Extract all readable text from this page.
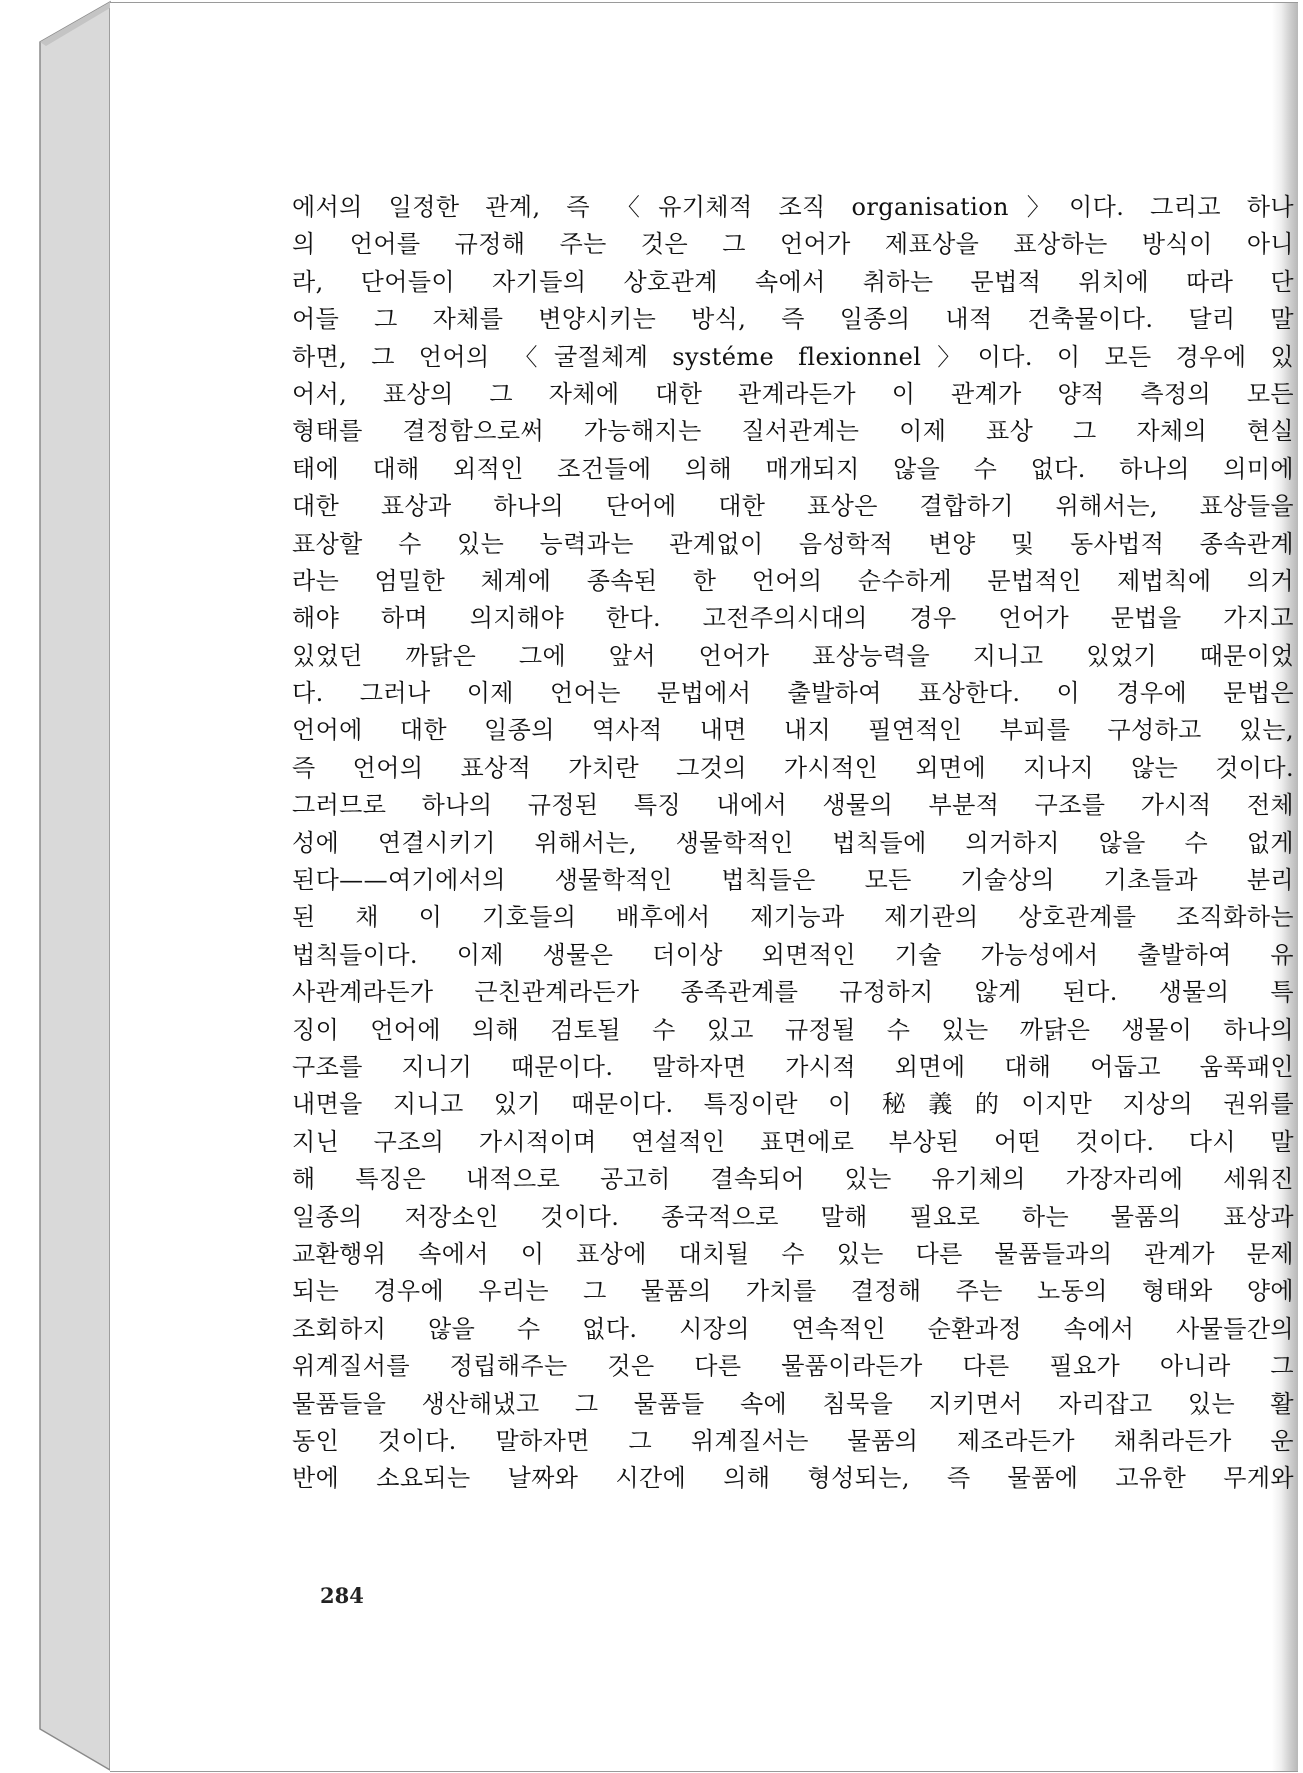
에서의 일정한 관계, 즉 〈유기체적 조직 organisation〉이다. 그리고 하나
의 언어를 규정해 주는 것은 그 언어가 제표상을 표상하는 방식이 아니
라, 단어들이 자기들의 상호관계 속에서 취하는 문법적 위치에 따라 단
어들 그 자체를 변양시키는 방식, 즉 일종의 내적 건축물이다. 달리 말
하면, 그 언어의 〈굴절체계 systéme flexionnel〉이다. 이 모든 경우에 있
어서, 표상의 그 자체에 대한 관계라든가 이 관계가 양적 측정의 모든
형태를 결정함으로써 가능해지는 질서관계는 이제 표상 그 자체의 현실
태에 대해 외적인 조건들에 의해 매개되지 않을 수 없다. 하나의 의미에
대한 표상과 하나의 단어에 대한 표상은 결합하기 위해서는, 표상들을
표상할 수 있는 능력과는 관계없이 음성학적 변양 및 동사법적 종속관계
라는 엄밀한 체계에 종속된 한 언어의 순수하게 문법적인 제법칙에 의거
해야 하며 의지해야 한다. 고전주의시대의 경우 언어가 문법을 가지고
있었던 까닭은 그에 앞서 언어가 표상능력을 지니고 있었기 때문이었
다. 그러나 이제 언어는 문법에서 출발하여 표상한다. 이 경우에 문법은
언어에 대한 일종의 역사적 내면 내지 필연적인 부피를 구성하고 있는,
즉 언어의 표상적 가치란 그것의 가시적인 외면에 지나지 않는 것이다.
그러므로 하나의 규정된 특징 내에서 생물의 부분적 구조를 가시적 전체
성에 연결시키기 위해서는, 생물학적인 법칙들에 의거하지 않을 수 없게
된다——여기에서의 생물학적인 법칙들은 모든 기술상의 기초들과 분리
된 채 이 기호들의 배후에서 제기능과 제기관의 상호관계를 조직화하는
법칙들이다. 이제 생물은 더이상 외면적인 기술 가능성에서 출발하여 유
사관계라든가 근친관계라든가 종족관계를 규정하지 않게 된다. 생물의 특
징이 언어에 의해 검토될 수 있고 규정될 수 있는 까닭은 생물이 하나의
구조를 지니기 때문이다. 말하자면 가시적 외면에 대해 어둡고 움푹패인
내면을 지니고 있기 때문이다. 특징이란 이 秘義的이지만 지상의 권위를
지닌 구조의 가시적이며 연설적인 표면에로 부상된 어떤 것이다. 다시 말
해 특징은 내적으로 공고히 결속되어 있는 유기체의 가장자리에 세워진
일종의 저장소인 것이다. 종국적으로 말해 필요로 하는 물품의 표상과
교환행위 속에서 이 표상에 대치될 수 있는 다른 물품들과의 관계가 문제
되는 경우에 우리는 그 물품의 가치를 결정해 주는 노동의 형태와 양에
조회하지 않을 수 없다. 시장의 연속적인 순환과정 속에서 사물들간의
위계질서를 정립해주는 것은 다른 물품이라든가 다른 필요가 아니라 그
물품들을 생산해냈고 그 물품들 속에 침묵을 지키면서 자리잡고 있는 활
동인 것이다. 말하자면 그 위계질서는 물품의 제조라든가 채취라든가 운
반에 소요되는 날짜와 시간에 의해 형성되는, 즉 물품에 고유한 무게와
284
